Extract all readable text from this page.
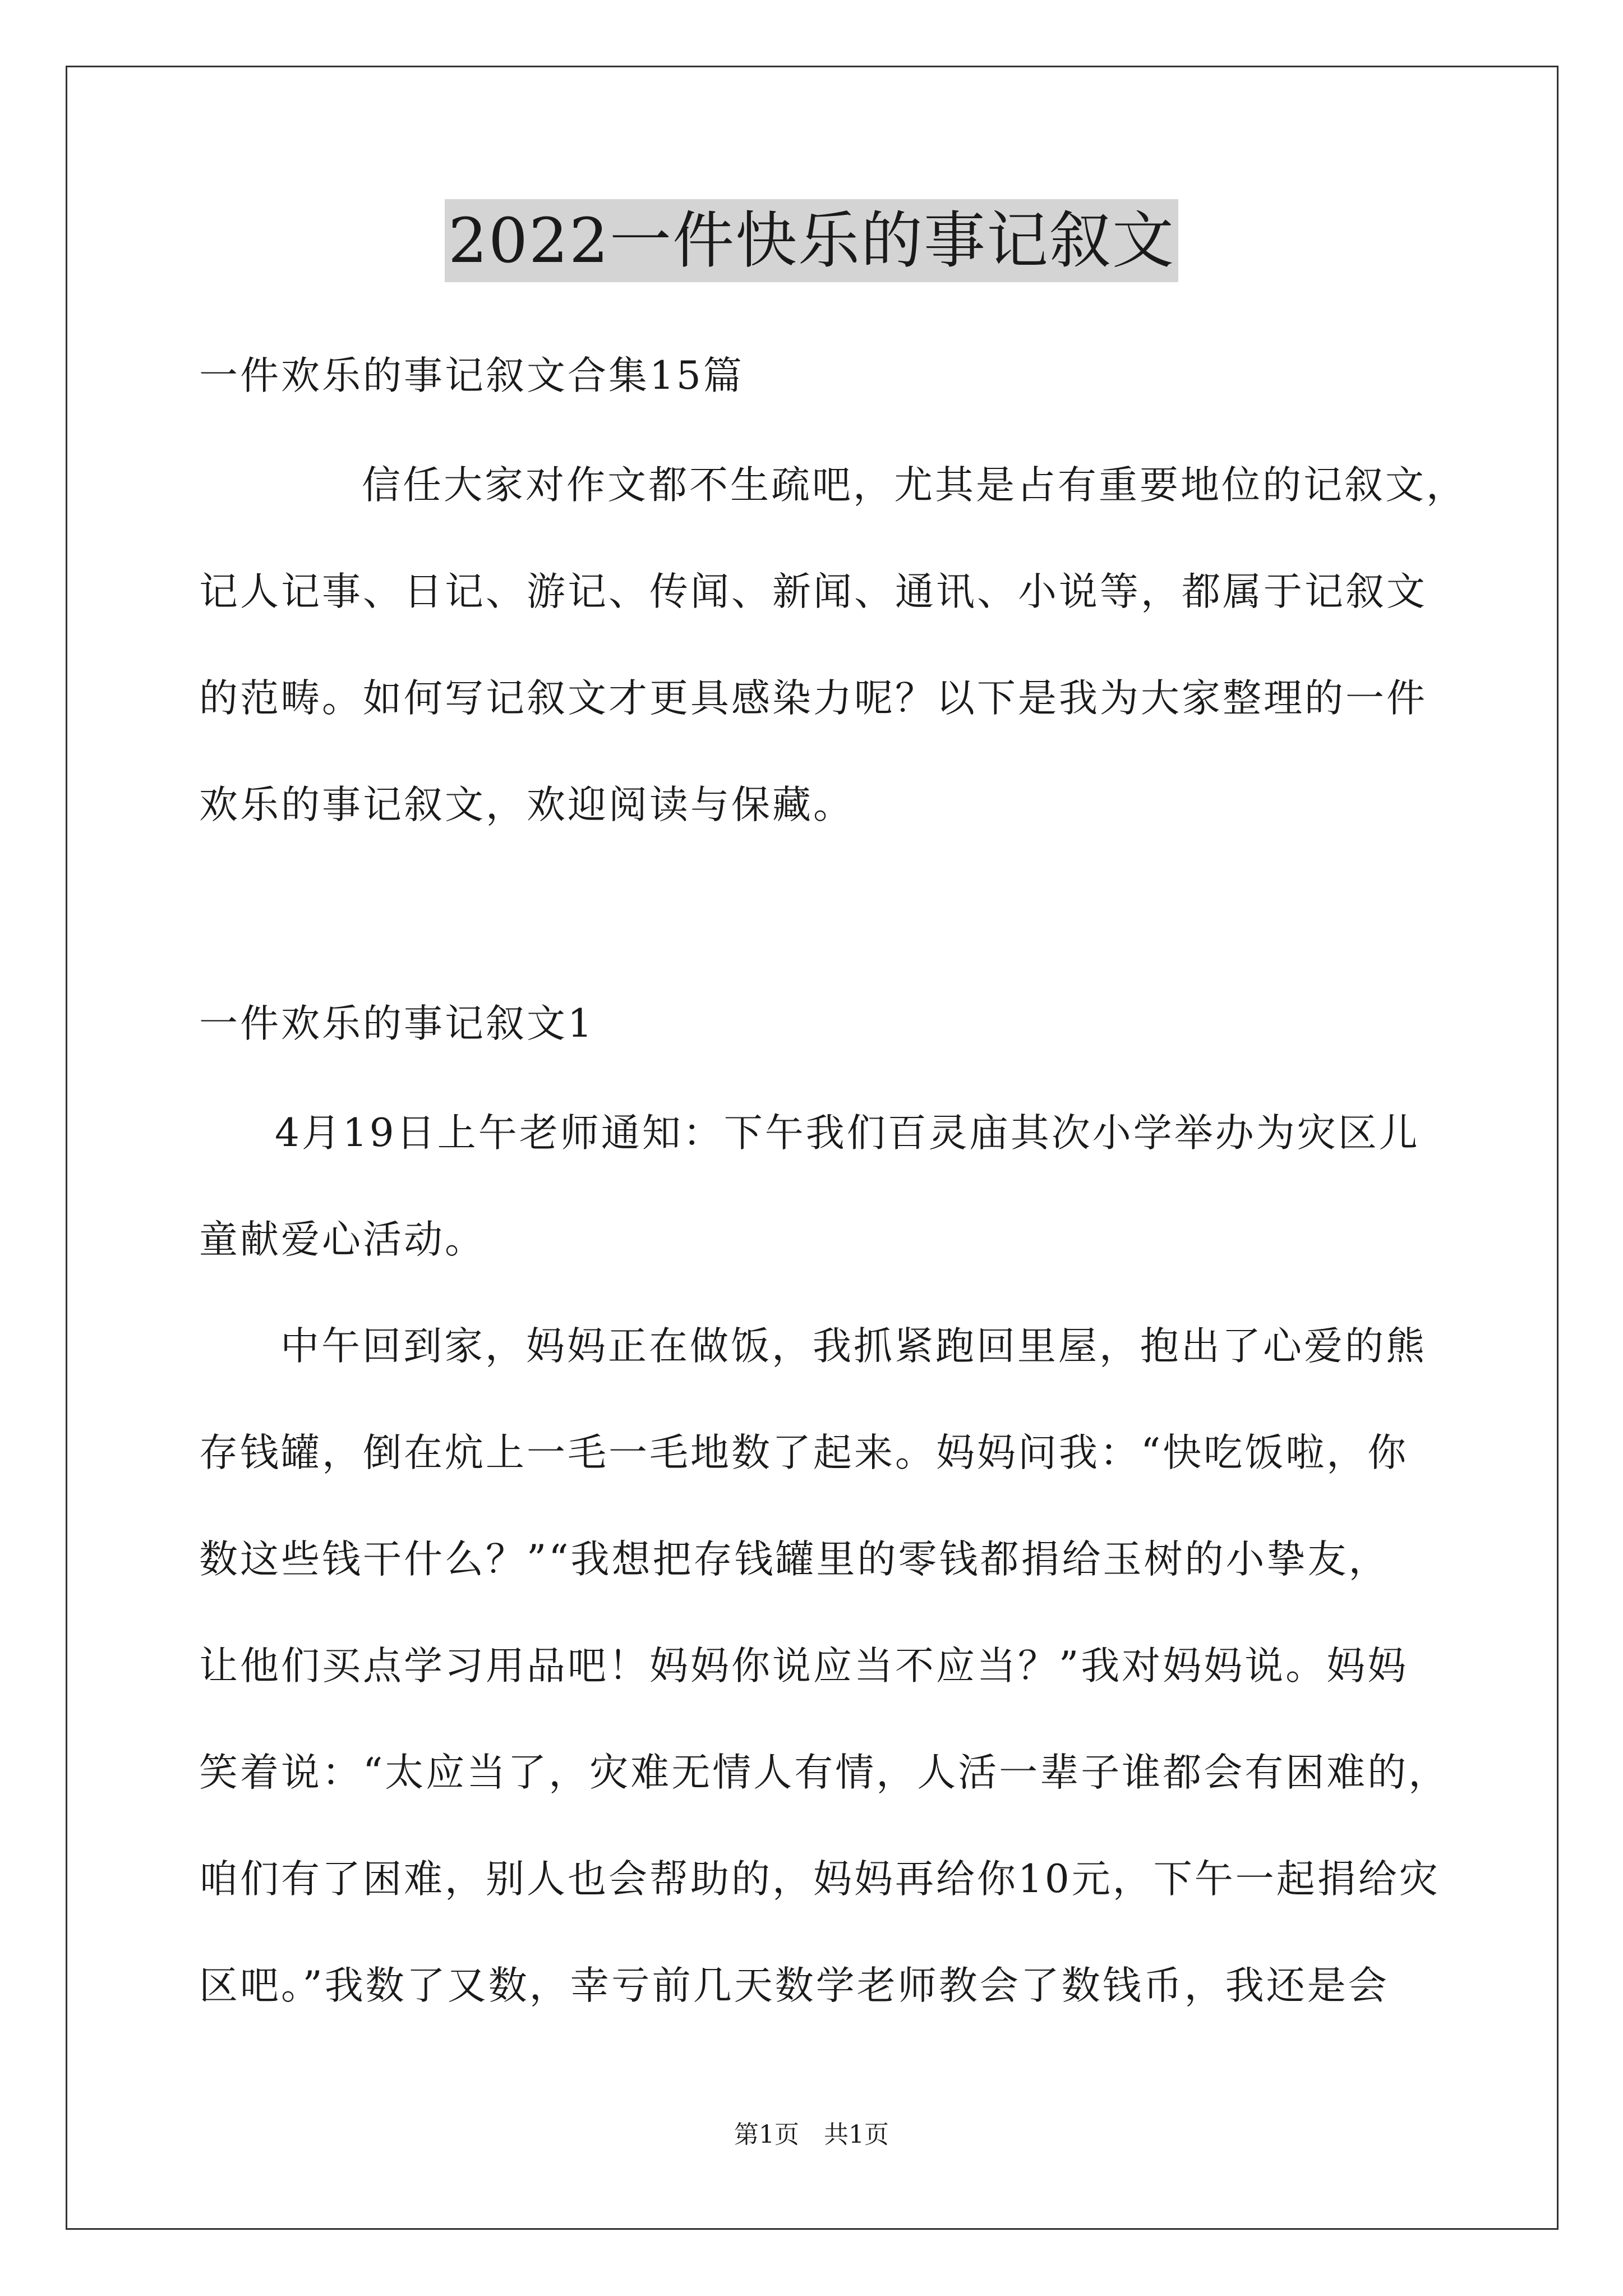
2022一件快乐的事记叙文
一件欢乐的事记叙文合集15篇
信任大家对作文都不生疏吧，尤其是占有重要地位的记叙文，
记人记事、日记、游记、传闻、新闻、通讯、小说等，都属于记叙文
的范畴。如何写记叙文才更具感染力呢？以下是我为大家整理的一件
欢乐的事记叙文，欢迎阅读与保藏。
一件欢乐的事记叙文1
4月19日上午老师通知：下午我们百灵庙其次小学举办为灾区儿
童献爱心活动。
中午回到家，妈妈正在做饭，我抓紧跑回里屋，抱出了心爱的熊
存钱罐，倒在炕上一毛一毛地数了起来。妈妈问我：“快吃饭啦，你
数这些钱干什么？”“我想把存钱罐里的零钱都捐给玉树的小挚友，
让他们买点学习用品吧！妈妈你说应当不应当？”我对妈妈说。妈妈
笑着说：“太应当了，灾难无情人有情，人活一辈子谁都会有困难的，
咱们有了困难，别人也会帮助的，妈妈再给你10元，下午一起捐给灾
区吧。”我数了又数，幸亏前几天数学老师教会了数钱币，我还是会
第1页　共1页
